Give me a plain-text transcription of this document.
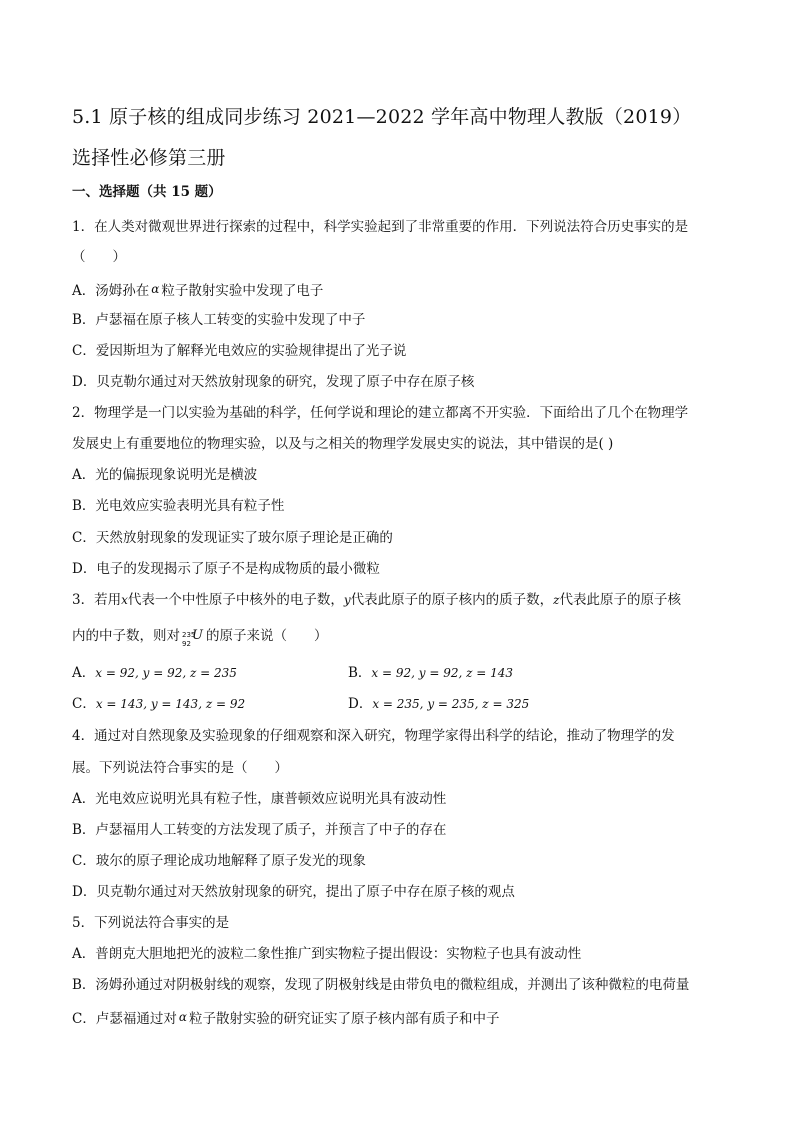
5.1 原子核的组成同步练习 2021—2022 学年高中物理人教版（2019）
选择性必修第三册
一、选择题（共 15 题）
1．在人类对微观世界进行探索的过程中，科学实验起到了非常重要的作用．下列说法符合历史事实的是
（　　）
A．汤姆孙在 α 粒子散射实验中发现了电子
B．卢瑟福在原子核人工转变的实验中发现了中子
C．爱因斯坦为了解释光电效应的实验规律提出了光子说
D．贝克勒尔通过对天然放射现象的研究，发现了原子中存在原子核
2．物理学是一门以实验为基础的科学，任何学说和理论的建立都离不开实验．下面给出了几个在物理学
发展史上有重要地位的物理实验，以及与之相关的物理学发展史实的说法，其中错误的是( )
A．光的偏振现象说明光是横波
B．光电效应实验表明光具有粒子性
C．天然放射现象的发现证实了玻尔原子理论是正确的
D．电子的发现揭示了原子不是构成物质的最小微粒
3．若用x代表一个中性原子中核外的电子数，y代表此原子的原子核内的质子数，z代表此原子的原子核
内的中子数，则对 235
92
U 的原子来说（　　）
A．x = 92, y = 92, z = 235	B．x = 92, y = 92, z = 143
C．x = 143, y = 143, z = 92	D．x = 235, y = 235, z = 325
4．通过对自然现象及实验现象的仔细观察和深入研究，物理学家得出科学的结论，推动了物理学的发
展。下列说法符合事实的是（　　）
A．光电效应说明光具有粒子性，康普顿效应说明光具有波动性
B．卢瑟福用人工转变的方法发现了质子，并预言了中子的存在
C．玻尔的原子理论成功地解释了原子发光的现象
D．贝克勒尔通过对天然放射现象的研究，提出了原子中存在原子核的观点
5．下列说法符合事实的是
A．普朗克大胆地把光的波粒二象性推广到实物粒子提出假设：实物粒子也具有波动性
B．汤姆孙通过对阴极射线的观察，发现了阴极射线是由带负电的微粒组成，并测出了该种微粒的电荷量
C．卢瑟福通过对 α 粒子散射实验的研究证实了原子核内部有质子和中子
